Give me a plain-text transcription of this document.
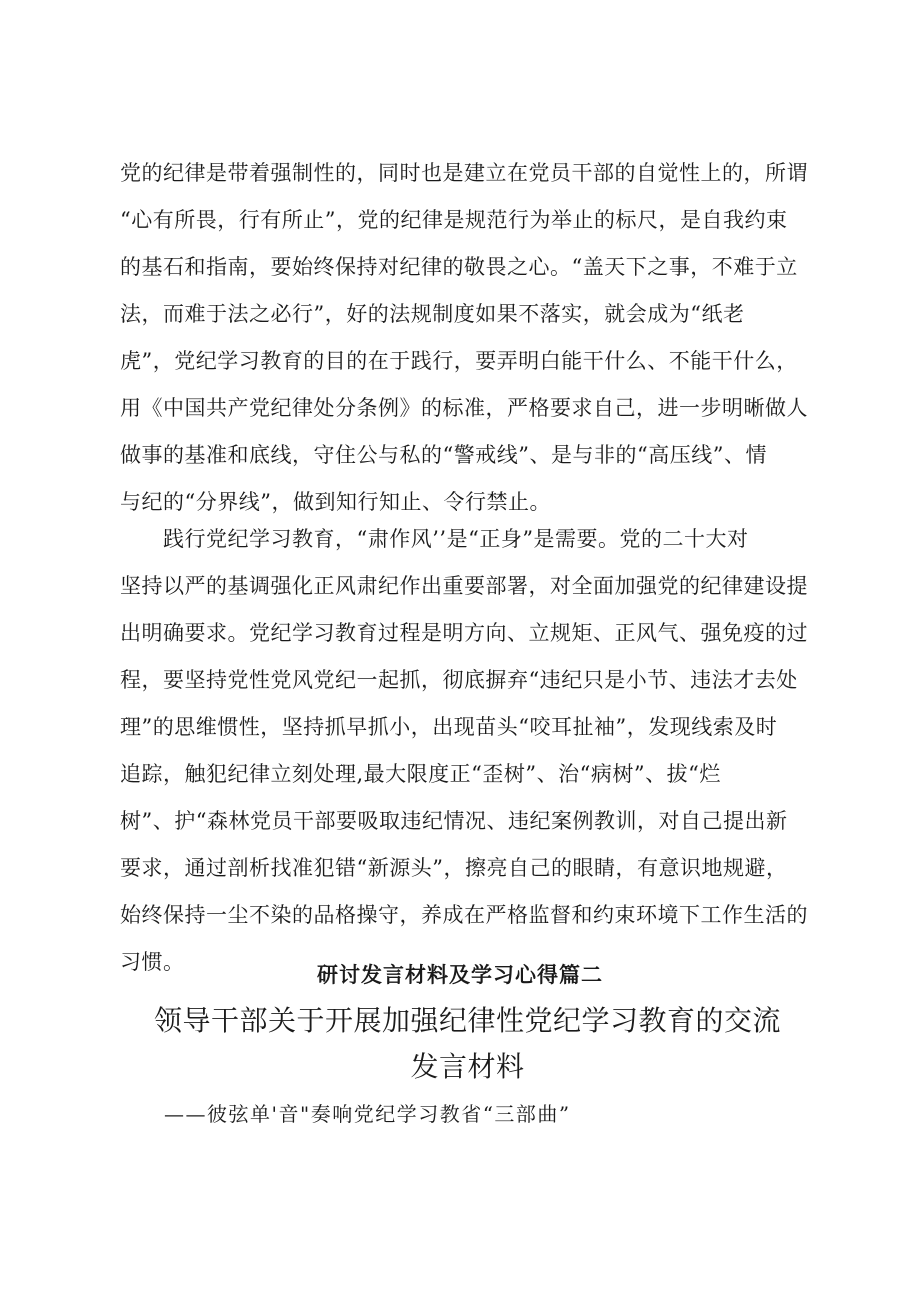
党的纪律是带着强制性的，同时也是建立在党员干部的自觉性上的，所谓
“心有所畏，行有所止”，党的纪律是规范行为举止的标尺，是自我约束
的基石和指南，要始终保持对纪律的敬畏之心。“盖天下之事，不难于立
法，而难于法之必行”，好的法规制度如果不落实，就会成为“纸老
虎”，党纪学习教育的目的在于践行，要弄明白能干什么、不能干什么，
用《中国共产党纪律处分条例》的标准，严格要求自己，进一步明晰做人
做事的基准和底线，守住公与私的“警戒线”、是与非的“高压线”、情
与纪的“分界线”，做到知行知止、令行禁止。
　　践行党纪学习教育，“肃作风’’是“正身”是需要。党的二十大对
坚持以严的基调强化正风肃纪作出重要部署，对全面加强党的纪律建设提
出明确要求。党纪学习教育过程是明方向、立规矩、正风气、强免疫的过
程，要坚持党性党风党纪一起抓，彻底摒弃“违纪只是小节、违法才去处
理”的思维惯性，坚持抓早抓小，出现苗头“咬耳扯袖”，发现线索及时
追踪，触犯纪律立刻处理,最大限度正“歪树”、治“病树”、拔“烂
树”、护“森林党员干部要吸取违纪情况、违纪案例教训，对自己提出新
要求，通过剖析找准犯错“新源头”，擦亮自己的眼睛，有意识地规避，
始终保持一尘不染的品格操守，养成在严格监督和约束环境下工作生活的
习惯。
研讨发言材料及学习心得篇二
领导干部关于开展加强纪律性党纪学习教育的交流
发言材料
——彼弦单'音"奏响党纪学习教省“三部曲”
